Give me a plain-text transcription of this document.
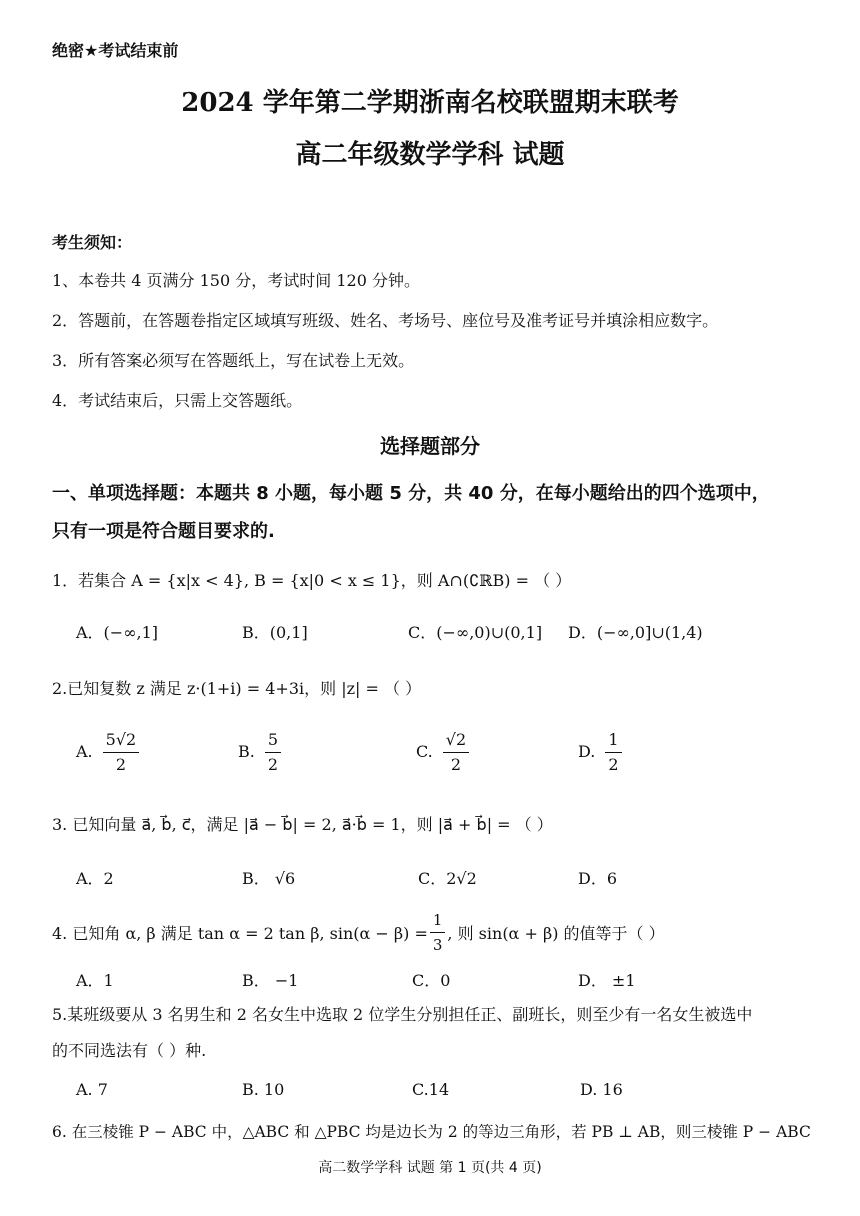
绝密★考试结束前
2024 学年第二学期浙南名校联盟期末联考
高二年级数学学科 试题
考生须知：
1、本卷共 4 页满分 150 分，考试时间 120 分钟。
2．答题前，在答题卷指定区域填写班级、姓名、考场号、座位号及准考证号并填涂相应数字。
3．所有答案必须写在答题纸上，写在试卷上无效。
4．考试结束后，只需上交答题纸。
选择题部分
一、单项选择题：本题共 8 小题，每小题 5 分，共 40 分，在每小题给出的四个选项中，
只有一项是符合题目要求的.
1．若集合 A = {x|x < 4}, B = {x|0 < x ≤ 1}，则 A∩(∁ℝB) = （ ）
A．(−∞,1]	B．(0,1]	C．(−∞,0)∪(0,1] D．(−∞,0]∪(1,4)
2.已知复数 z 满足 z·(1+i) = 4+3i，则 |z| = （ ）
A. $\frac{5√2}{2}$	B. $\frac{5}{2}$	C. $\frac{√2}{2}$	D. $\frac{1}{2}$
3. 已知向量 a⃗, b⃗, c⃗，满足 |a⃗ − b⃗| = 2, a⃗·b⃗ = 1，则 |a⃗ + b⃗| = （ ）
A．2	B． √6	C．2√2	D．6
4. 已知角 α, β 满足 tan α = 2 tan β, $\sin(\alpha - \beta) = \frac{1}{3}$ , 则 sin(α + β) 的值等于（ ）
A．1	B． −1	C．0	D． ±1
5.某班级要从 3 名男生和 2 名女生中选取 2 位学生分别担任正、副班长，则至少有一名女生被选中
的不同选法有（ ）种.
A. 7	B. 10	C.14	D. 16
6. 在三棱锥 P − ABC 中，△ABC 和 △PBC 均是边长为 2 的等边三角形，若 PB ⊥ AB，则三棱锥 P − ABC
高二数学学科 试题 第 1 页(共 4 页)
